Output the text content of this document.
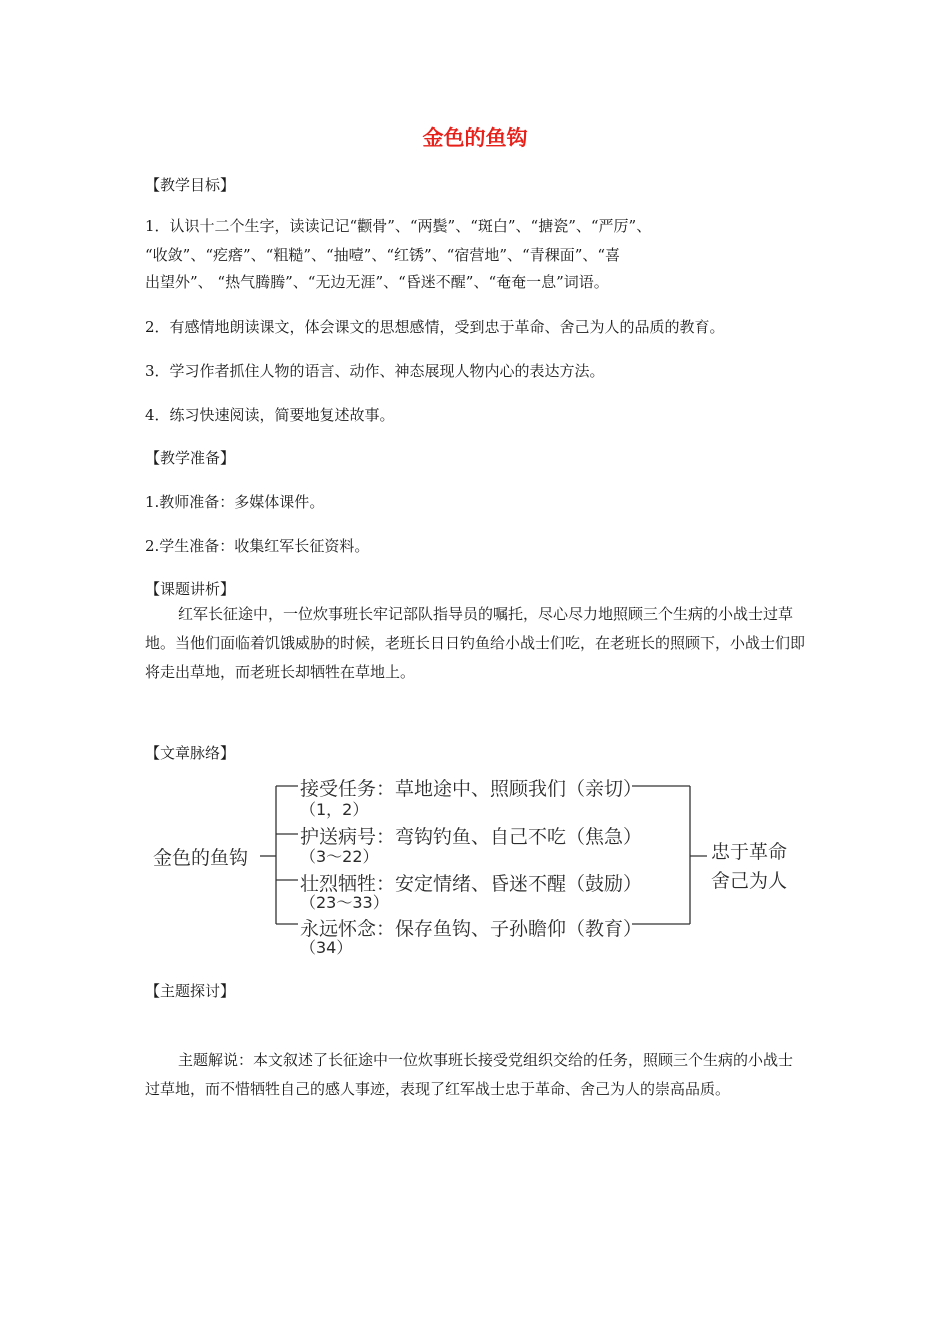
金色的鱼钩
【教学目标】
1．认识十二个生字，读读记记“颧骨”、“两鬓”、“斑白”、“搪瓷”、“严厉”、
“收敛”、“疙瘩”、“粗糙”、“抽噎”、“红锈”、“宿营地”、“青稞面”、“喜
出望外”、 “热气腾腾”、“无边无涯”、“昏迷不醒”、“奄奄一息”词语。
2．有感情地朗读课文，体会课文的思想感情，受到忠于革命、舍己为人的品质的教育。
3．学习作者抓住人物的语言、动作、神态展现人物内心的表达方法。
4．练习快速阅读，简要地复述故事。
【教学准备】
1.教师准备：多媒体课件。
2.学生准备：收集红军长征资料。
【课题讲析】
红军长征途中，一位炊事班长牢记部队指导员的嘱托，尽心尽力地照顾三个生病的小战士过草地。当他们面临着饥饿威胁的时候，老班长日日钓鱼给小战士们吃，在老班长的照顾下，小战士们即将走出草地，而老班长却牺牲在草地上。
【文章脉络】
金色的鱼钩
接受任务：草地途中、照顾我们（亲切）
（1，2）
护送病号：弯钩钓鱼、自己不吃（焦急）
（3～22）
壮烈牺牲：安定情绪、昏迷不醒（鼓励）
（23～33）
永远怀念：保存鱼钩、子孙瞻仰（教育）
（34）
忠于革命
舍己为人
【主题探讨】
主题解说：本文叙述了长征途中一位炊事班长接受党组织交给的任务，照顾三个生病的小战士过草地，而不惜牺牲自己的感人事迹，表现了红军战士忠于革命、舍己为人的崇高品质。
